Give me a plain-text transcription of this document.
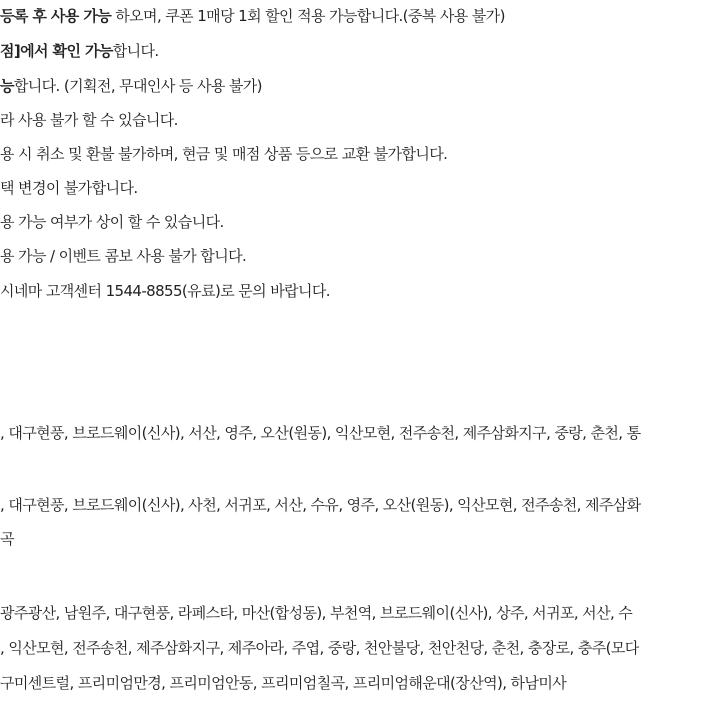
등록 후 사용 가능 하오며, 쿠폰 1매당 1회 할인 적용 가능합니다.(중복 사용 불가)
점]에서 확인 가능합니다.
능합니다. (기획전, 무대인사 등 사용 불가)
라 사용 불가 할 수 있습니다.
용 시 취소 및 환불 불가하며, 현금 및 매점 상품 등으로 교환 불가합니다.
택 변경이 불가합니다.
용 가능 여부가 상이 할 수 있습니다.
용 가능 / 이벤트 콤보 사용 불가 합니다.
시네마 고객센터 1544-8855(유료)로 문의 바랍니다.
, 대구현풍, 브로드웨이(신사), 서산, 영주, 오산(원동), 익산모현, 전주송천, 제주삼화지구, 중랑, 춘천, 통
, 대구현풍, 브로드웨이(신사), 사천, 서귀포, 서산, 수유, 영주, 오산(원동), 익산모현, 전주송천, 제주삼화
곡
광주광산, 남원주, 대구현풍, 라페스타, 마산(합성동), 부천역, 브로드웨이(신사), 상주, 서귀포, 서산, 수
, 익산모현, 전주송천, 제주삼화지구, 제주아라, 주엽, 중랑, 천안불당, 천안천당, 춘천, 충장로, 충주(모다
구미센트럴, 프리미엄만경, 프리미엄안동, 프리미엄칠곡, 프리미엄해운대(장산역), 하남미사
